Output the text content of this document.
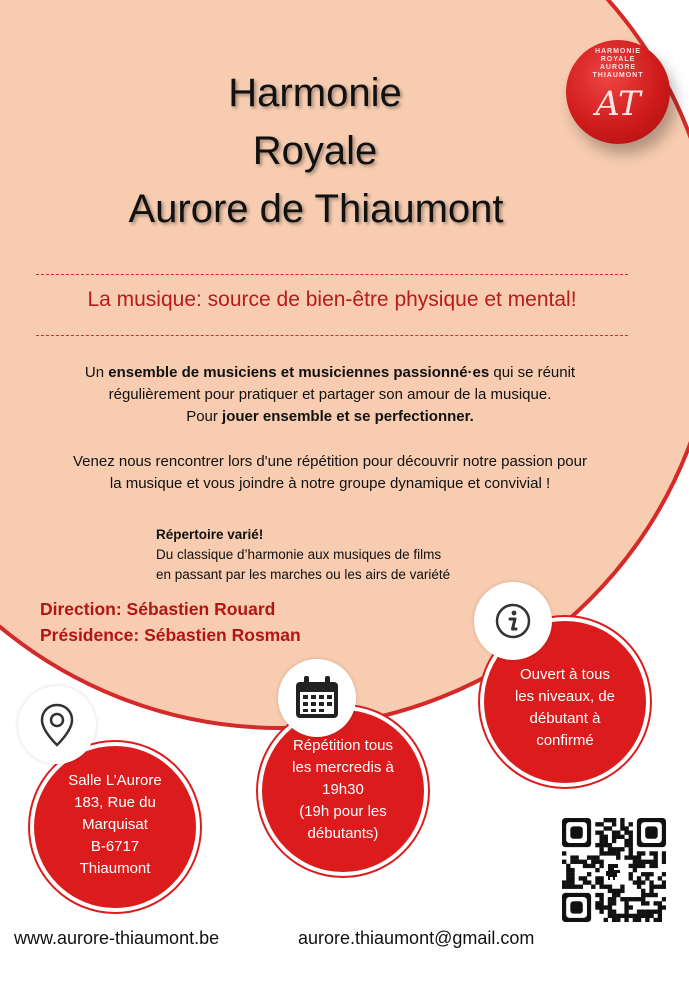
Harmonie
Royale
Aurore de Thiaumont
HARMONIE
ROYALE
AURORE
THIAUMONT
AT
La musique: source de bien-être physique et mental!
Un ensemble de musiciens et musiciennes passionné·es qui se réunit
régulièrement pour pratiquer et partager son amour de la musique.
Pour jouer ensemble et se perfectionner.
Venez nous rencontrer lors d'une répétition pour découvrir notre passion pour
la musique et vous joindre à notre groupe dynamique et convivial !
Répertoire varié!
Du classique d’harmonie aux musiques de films
en passant par les marches ou les airs de variété
Direction: Sébastien Rouard
Présidence: Sébastien Rosman
Ouvert à tous
les niveaux, de
débutant à
confirmé
Répétition tous
les mercredis à
19h30
(19h pour les
débutants)
Salle L’Aurore
183, Rue du
Marquisat
B-6717
Thiaumont
www.aurore-thiaumont.be	aurore.thiaumont@gmail.com
